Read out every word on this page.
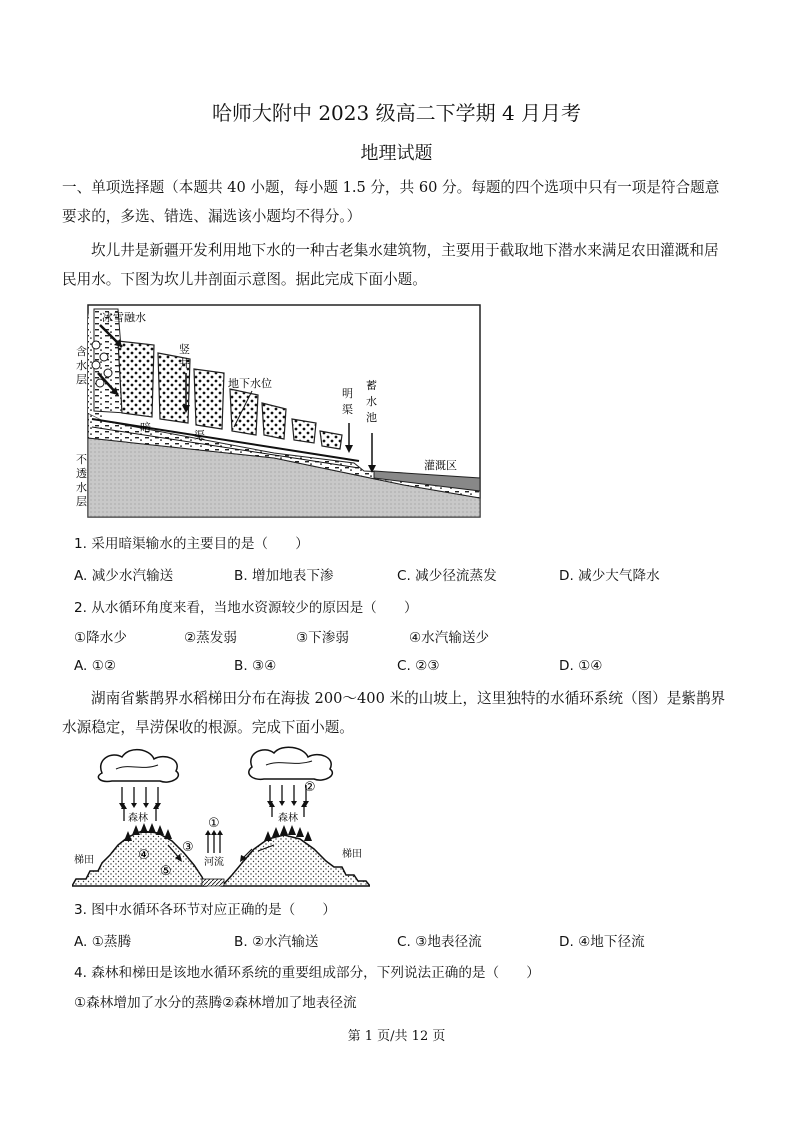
哈师大附中 2023 级高二下学期 4 月月考
地理试题
一、单项选择题（本题共 40 小题，每小题 1.5 分，共 60 分。每题的四个选项中只有一项是符合题意要求的，多选、错选、漏选该小题均不得分。）
坎儿井是新疆开发利用地下水的一种古老集水建筑物，主要用于截取地下潜水来满足农田灌溉和居民用水。下图为坎儿井剖面示意图。据此完成下面小题。
冰雪融水
含
水
层
不
透
水
层
竖
井
地下水位
暗
渠
明
渠
蓄
水
池
灌溉区
1. 采用暗渠输水的主要目的是（　　）
A. 减少水汽输送	B. 增加地表下渗	C. 减少径流蒸发	D. 减少大气降水
2. 从水循环角度来看，当地水资源较少的原因是（　　）
①降水少	②蒸发弱	③下渗弱	④水汽输送少
A. ①②	B. ③④	C. ②③	D. ①④
湖南省紫鹊界水稻梯田分布在海拔 200～400 米的山坡上，这里独特的水循环系统（图）是紫鹊界水源稳定，旱涝保收的根源。完成下面小题。
森林	森林
梯田
梯田
河流
①
②
③
④
⑤
3. 图中水循环各环节对应正确的是（　　）
A. ①蒸腾	B. ②水汽输送	C. ③地表径流	D. ④地下径流
4. 森林和梯田是该地水循环系统的重要组成部分，下列说法正确的是（　　）
①森林增加了水分的蒸腾②森林增加了地表径流
第 1 页/共 12 页
